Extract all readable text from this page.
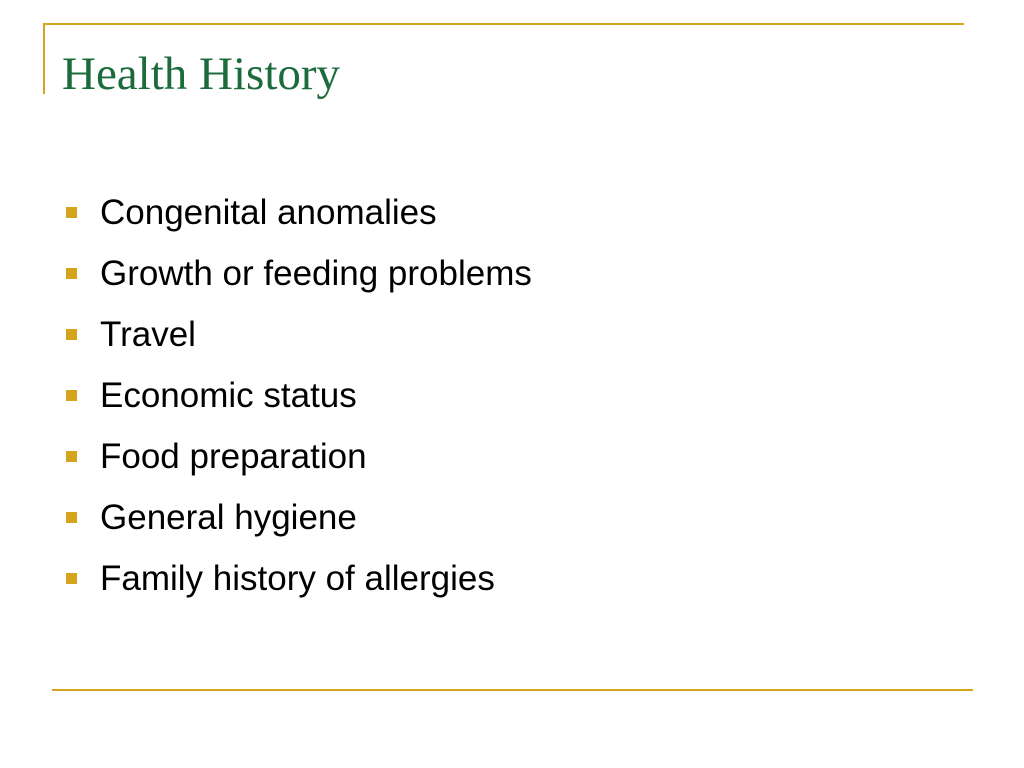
Health History
Congenital anomalies
Growth or feeding problems
Travel
Economic status
Food preparation
General hygiene
Family history of allergies
